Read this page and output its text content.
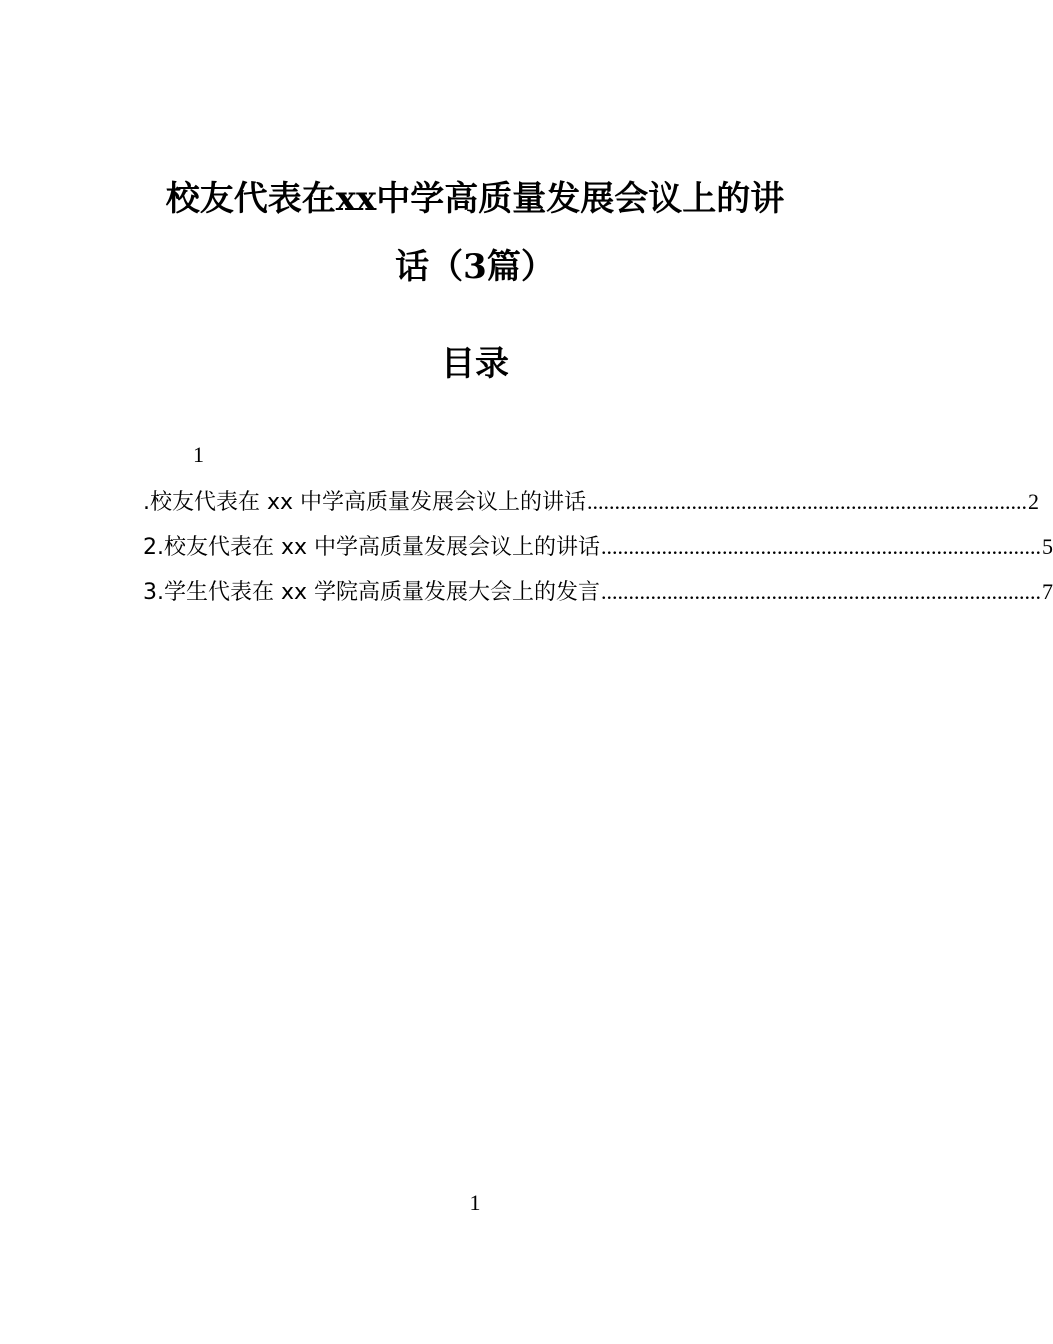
校友代表在xx中学高质量发展会议上的讲
话（3篇）
目录
1
.校友代表在 xx 中学高质量发展会议上的讲话 ................................................................................ 2
2.校友代表在 xx 中学高质量发展会议上的讲话 ................................................................................ 5
3.学生代表在 xx 学院高质量发展大会上的发言 ................................................................................ 7
1
